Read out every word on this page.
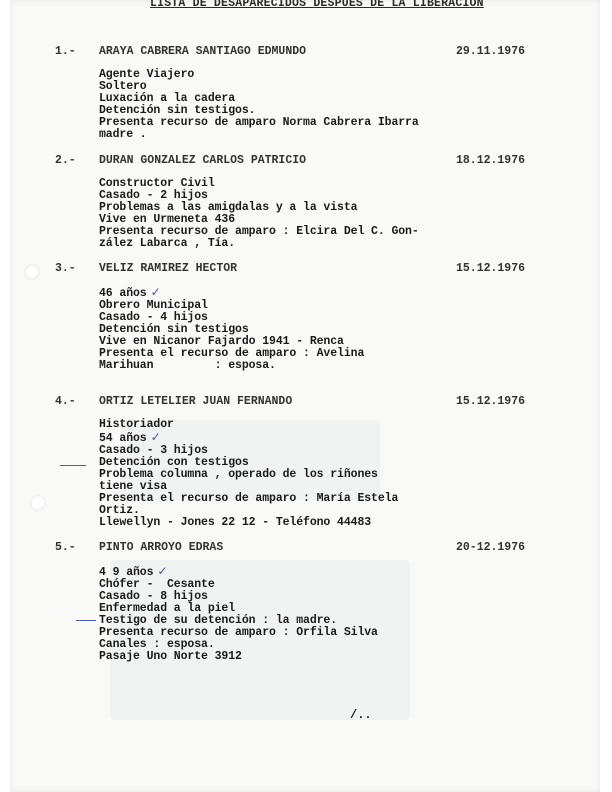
LISTA DE DESAPARECIDOS DESPUES DE LA LIBERACION
1.-	ARAYA CABRERA SANTIAGO EDMUNDO	29.11.1976
Agente Viajero
Soltero
Luxación a la cadera
Detención sin testigos.
Presenta recurso de amparo Norma Cabrera Ibarra
madre .
2.-	DURAN GONZALEZ CARLOS PATRICIO	18.12.1976
Constructor Civil
Casado - 2 hijos
Problemas a las amigdalas y a la vista
Vive en Urmeneta 436
Presenta recurso de amparo : Elcira Del C. Gon-
zález Labarca , Tía.
3.-	VELIZ RAMIREZ HECTOR	15.12.1976
46 años ✓
Obrero Municipal
Casado - 4 hijos
Detención sin testigos
Vive en Nicanor Fajardo 1941 - Renca
Presenta el recurso de amparo : Avelina
Marihuan         : esposa.
4.-	ORTIZ LETELIER JUAN FERNANDO	15.12.1976
Historiador
54 años ✓
Casado - 3 hijos
Detención con testigos
Problema columna , operado de los riñones
tiene visa
Presenta el recurso de amparo : María Estela
Ortiz.
Llewellyn - Jones 22 12 - Teléfono 44483
5.-	PINTO ARROYO EDRAS	20-12.1976
4 9 años ✓
Chófer -  Cesante
Casado - 8 hijos
Enfermedad a la piel
Testigo de su detención : la madre.
Presenta recurso de amparo : Orfila Silva
Canales : esposa.
Pasaje Uno Norte 3912
/..
